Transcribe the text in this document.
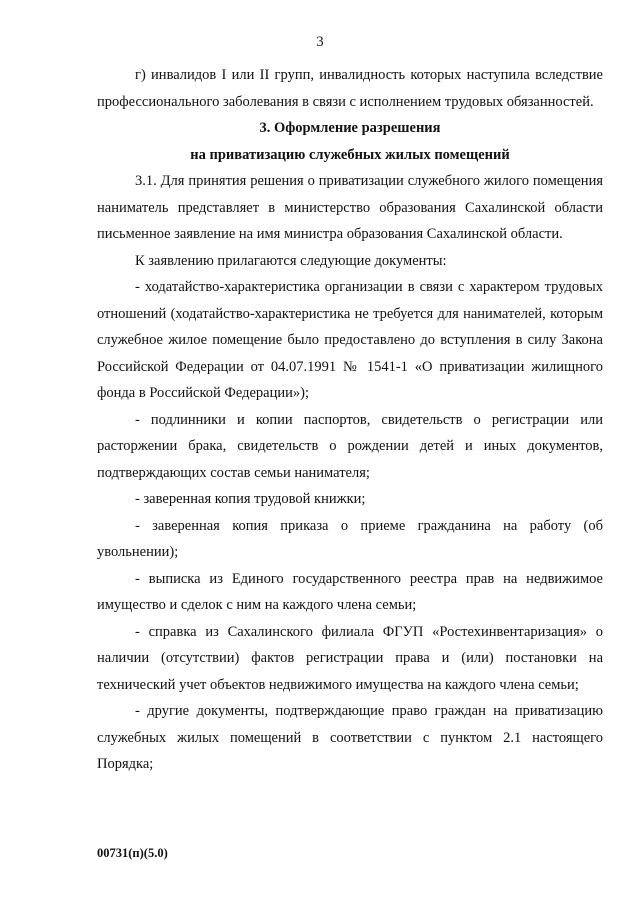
3

г) инвалидов I или II групп, инвалидность которых наступила вследствие профессионального заболевания в связи с исполнением трудовых обязанностей.

3. Оформление разрешения

на приватизацию служебных жилых помещений

3.1. Для принятия решения о приватизации служебного жилого помещения наниматель представляет в министерство образования Сахалинской области письменное заявление на имя министра образования Сахалинской области.

К заявлению прилагаются следующие документы:

- ходатайство-характеристика организации в связи с характером трудовых отношений (ходатайство-характеристика не требуется для нанимателей, которым служебное жилое помещение было предоставлено до вступления в силу Закона Российской Федерации от 04.07.1991 № 1541-1 «О приватизации жилищного фонда в Российской Федерации»);

- подлинники и копии паспортов, свидетельств о регистрации или расторжении брака, свидетельств о рождении детей и иных документов, подтверждающих состав семьи нанимателя;

- заверенная копия трудовой книжки;

- заверенная копия приказа о приеме гражданина на работу (об увольнении);

- выписка из Единого государственного реестра прав на недвижимое имущество и сделок с ним на каждого члена семьи;

- справка из Сахалинского филиала ФГУП «Ростехинвентаризация» о наличии (отсутствии) фактов регистрации права и (или) постановки на технический учет объектов недвижимого имущества на каждого члена семьи;

- другие документы, подтверждающие право граждан на приватизацию служебных жилых помещений в соответствии с пунктом 2.1 настоящего Порядка;

00731(п)(5.0)
